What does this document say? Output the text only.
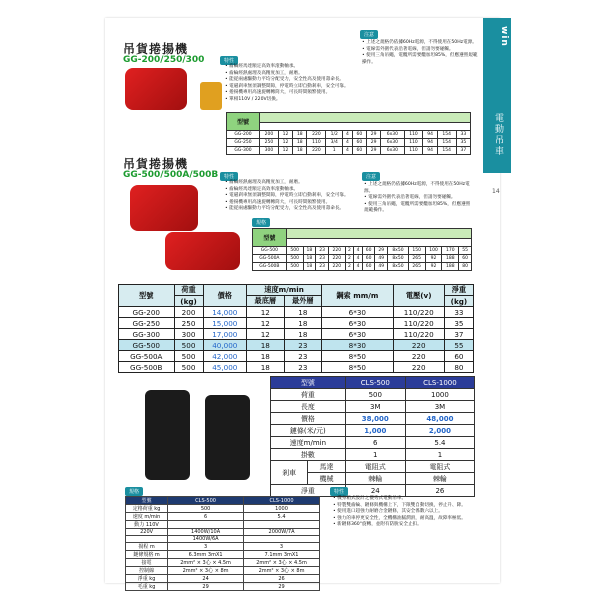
win
電動吊車
14
吊貨捲揚機
GG-200/250/300	特性
• 齒輪經馬達額定高效率滾動軸承。
• 齒輪經熱處理及高精度加工，耐磨。
• 能從兩處驅動力平均分配受力，安全性高及使用壽命長。
• 電磁剎車無須調整間隙，停電時立即自動剎車，安全可靠。
• 捲揚機專用高速旋轉轉筒大，可長時間頻繁使用。
• 單相110V / 220V切換。
注意
• 上述之規格仍依據60Hz電源，不得使用在50Hz電源。
• 電線需外圍代表沿著電線，但請勿要碰觸。
• 使用三角吊繩，電纜所需要纜加坦85%，但應遵照規範操作。
型號													

GG-200	200	12	18	220	1/2	4	60	29	6x30	110	94	154	33
GG-250	250	12	18	110	3/4	4	60	29	6x30	110	94	154	35
GG-300	300	12	18	220	1	4	60	29	6x30	110	94	154	37
吊貨捲揚機
GG-500/500A/500B	特性
• 齒輪經熱處理及高精度加工，耐磨。
• 齒輪經馬達額定高效率滾動軸承。
• 電磁剎車無須調整間隙，停電時立即自動剎車，安全可靠。
• 捲揚機專用高速旋轉轉筒大，可長時間頻繁使用。
• 能從兩處驅動力平均分配受力，安全性高及使用壽命長。
注意
• 上述之規格仍依據60Hz電源，不得使用在50Hz電源。
• 電線需外圍代表沿著電線，但請勿要碰觸。
• 使用三角吊繩，電纜所需要纜加坦85%，但應遵照規範操作。
規格
型號													

GG-500	500	18	23	220	2	4	60	29	8x50	150	100	170	55
GG-500A	500	18	23	220	2	4	60	49	8x50	265	92	188	60
GG-500B	500	18	23	220	2	4	60	49	8x50	265	92	188	80
型號	荷重	價格	速度m/min		鋼索 mm/m	電壓(v)	淨重
	(kg)		最底層	最外層			(kg)
GG-200	200	14,000	12	18	6*30	110/220	33
GG-250	250	15,000	12	18	6*30	110/220	35
GG-300	300	17,000	12	18	6*30	110/220	37
GG-500	500	40,000	18	23	8*30	220	55
GG-500A	500	42,000	18	23	8*50	220	60
GG-500B	500	45,000	18	23	8*50	220	80
型號		CLS-500	CLS-1000
荷重		500	1000
長度		3M	3M
價格		38,000	48,000
鏈條(米/元)		1,000	2,000
速度m/min		6	5.4
掛數		1	1
剎車	馬達	電阻式	電阻式
	機械	棘輪	棘輪
淨重		24	26
規格
型號	CLS-500	CLS-1000
定格荷重 kg	500	1000
速度 m/min	6	5.4
動力 110V		
220V	1400W/10A	2000W/7A
	1400W/6A	
揚程 m	3	3
鏈條規格 m	6.3mm 3mX1	7.1mm 3mX1
接電	2mm² × 3心 × 4.5m	2mm² × 3心 × 4.5m
控制線	2mm² × 3心 × 8m	2mm² × 3心 × 8m
淨重 kg	24	26
毛重 kg	29	29
特性
• 機身箱式設計之優秀式電動吊車。
• 特製雙齒輪、鏈條與機構上下，下限雙自動切換，停止升、降。
• 使用進口超強力耐磨合金鏈條，其安全係數六以上。
• 強力的車停更安全性，全機構油膩潤滑，耐高溫，故障率極低。
• 新鏈條360°旋轉，並附有防脫安全止扣。
